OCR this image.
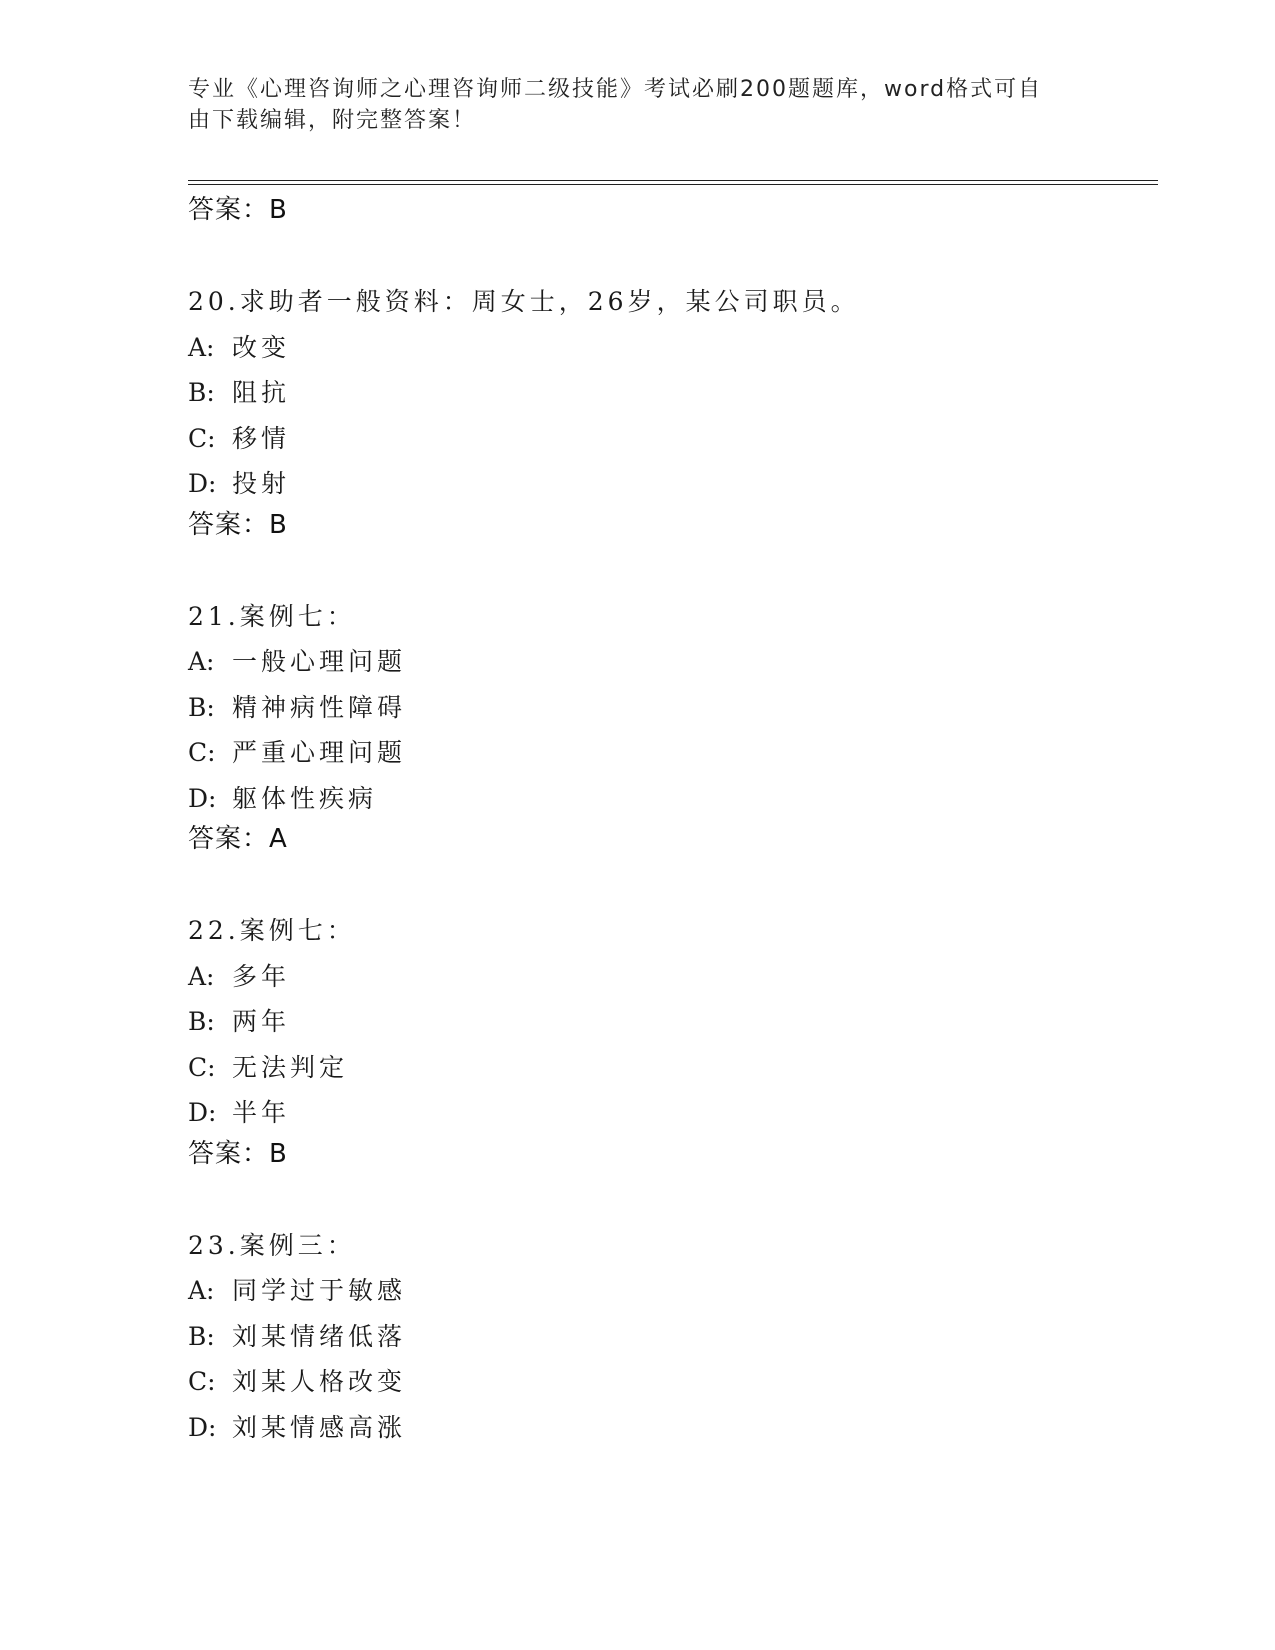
专业《心理咨询师之心理咨询师二级技能》考试必刷200题题库，word格式可自
由下载编辑，附完整答案！
答案：B
20.求助者一般资料：周女士，26岁，某公司职员。
A: 改变
B: 阻抗
C: 移情
D: 投射
答案：B
21.案例七：
A: 一般心理问题
B: 精神病性障碍
C: 严重心理问题
D: 躯体性疾病
答案：A
22.案例七：
A: 多年
B: 两年
C: 无法判定
D: 半年
答案：B
23.案例三：
A: 同学过于敏感
B: 刘某情绪低落
C: 刘某人格改变
D: 刘某情感高涨
